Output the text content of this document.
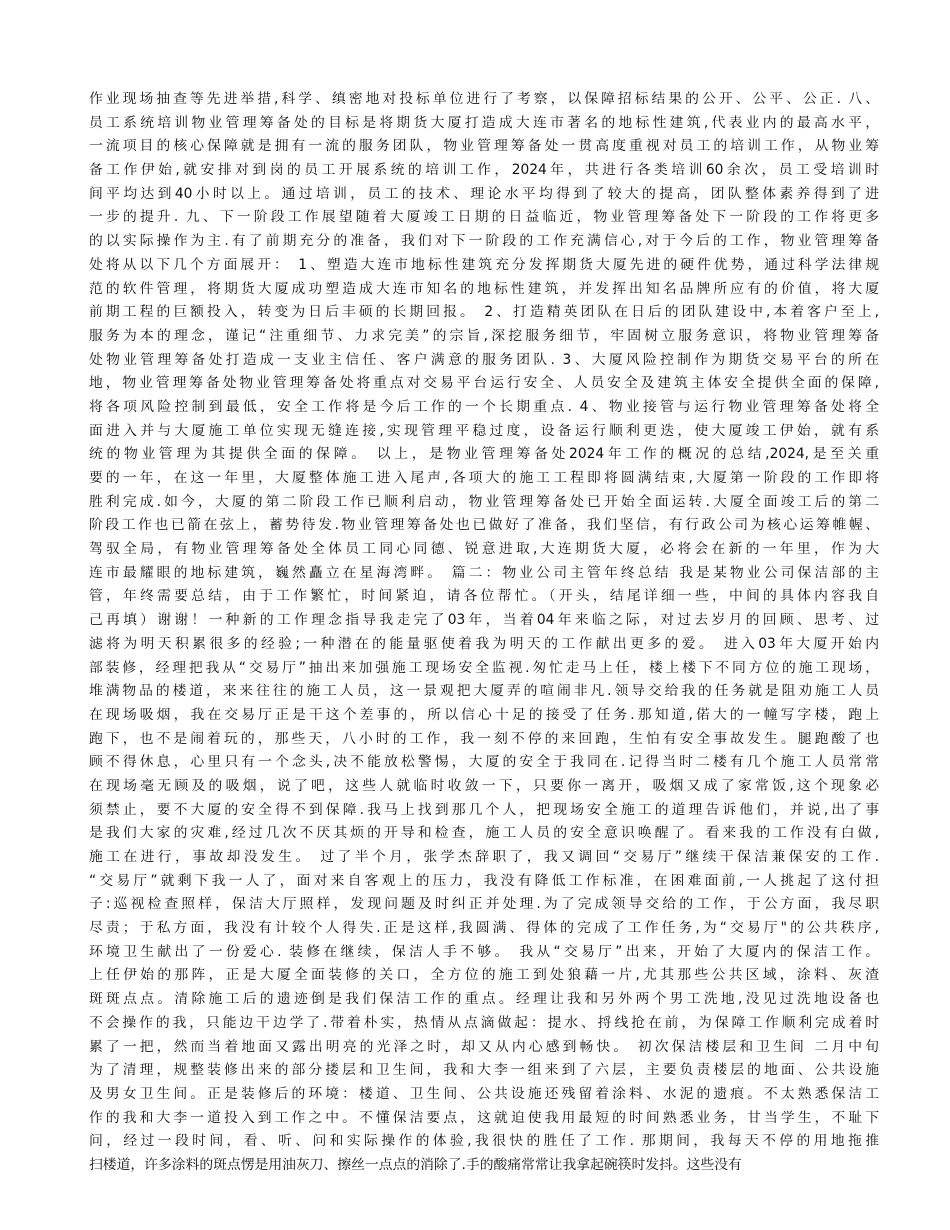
作业现场抽查等先进举措,科学、缜密地对投标单位进行了考察，以保障招标结果的公开、公平、公正. 八、
员工系统培训物业管理筹备处的目标是将期货大厦打造成大连市著名的地标性建筑,代表业内的最高水平，
一流项目的核心保障就是拥有一流的服务团队，物业管理筹备处一贯高度重视对员工的培训工作，从物业筹
备工作伊始,就安排对到岗的员工开展系统的培训工作，2024年，共进行各类培训60余次，员工受培训时
间平均达到40小时以上。通过培训，员工的技术、理论水平均得到了较大的提高，团队整体素养得到了进
一步的提升. 九、下一阶段工作展望随着大厦竣工日期的日益临近，物业管理筹备处下一阶段的工作将更多
的以实际操作为主.有了前期充分的准备，我们对下一阶段的工作充满信心,对于今后的工作，物业管理筹备
处将从以下几个方面展开： 1、塑造大连市地标性建筑充分发挥期货大厦先进的硬件优势，通过科学法律规
范的软件管理，将期货大厦成功塑造成大连市知名的地标性建筑，并发挥出知名品牌所应有的价值，将大厦
前期工程的巨额投入，转变为日后丰硕的长期回报。 2、打造精英团队在日后的团队建设中,本着客户至上,
服务为本的理念，谨记“注重细节、力求完美”的宗旨,深挖服务细节，牢固树立服务意识，将物业管理筹备
处物业管理筹备处打造成一支业主信任、客户满意的服务团队. 3、大厦风险控制作为期货交易平台的所在
地，物业管理筹备处物业管理筹备处将重点对交易平台运行安全、人员安全及建筑主体安全提供全面的保障,
将各项风险控制到最低，安全工作将是今后工作的一个长期重点. 4、物业接管与运行物业管理筹备处将全
面进入并与大厦施工单位实现无缝连接,实现管理平稳过度，设备运行顺利更迭，使大厦竣工伊始，就有系
统的物业管理为其提供全面的保障。 以上，是物业管理筹备处2024年工作的概况的总结,2024,是至关重
要的一年，在这一年里，大厦整体施工进入尾声,各项大的施工工程即将圆满结束,大厦第一阶段的工作即将
胜利完成.如今，大厦的第二阶段工作已顺利启动，物业管理筹备处已开始全面运转.大厦全面竣工后的第二
阶段工作也已箭在弦上，蓄势待发.物业管理筹备处也已做好了准备，我们坚信，有行政公司为核心运筹帷幄、
驾驭全局，有物业管理筹备处全体员工同心同德、锐意进取,大连期货大厦，必将会在新的一年里，作为大
连市最耀眼的地标建筑，巍然矗立在星海湾畔。 篇二：物业公司主管年终总结 我是某物业公司保洁部的主
管，年终需要总结，由于工作繁忙，时间紧迫，请各位帮忙。（开头，结尾详细一些，中间的具体内容我自
己再填）谢谢！一种新的工作理念指导我走完了03年，当着04年来临之际，对过去岁月的回顾、思考、过
滤将为明天积累很多的经验;一种潜在的能量驱使着我为明天的工作献出更多的爱。 进入03年大厦开始内
部装修，经理把我从“交易厅”抽出来加强施工现场安全监视.匆忙走马上任，楼上楼下不同方位的施工现场，
堆满物品的楼道，来来往往的施工人员，这一景观把大厦弄的喧闹非凡.领导交给我的任务就是阻劝施工人员
在现场吸烟，我在交易厅正是干这个差事的，所以信心十足的接受了任务.那知道,偌大的一幢写字楼，跑上
跑下，也不是闹着玩的，那些天，八小时的工作，我一刻不停的来回跑，生怕有安全事故发生。腿跑酸了也
顾不得休息，心里只有一个念头,决不能放松警惕，大厦的安全于我同在.记得当时二楼有几个施工人员常常
在现场毫无顾及的吸烟，说了吧，这些人就临时收敛一下，只要你一离开，吸烟又成了家常饭,这个现象必
须禁止，要不大厦的安全得不到保障.我马上找到那几个人，把现场安全施工的道理告诉他们，并说,出了事
是我们大家的灾难,经过几次不厌其烦的开导和检查，施工人员的安全意识唤醒了。看来我的工作没有白做,
施工在进行，事故却没发生。 过了半个月，张学杰辞职了，我又调回“交易厅”继续干保洁兼保安的工作.
“交易厅”就剩下我一人了，面对来自客观上的压力，我没有降低工作标准，在困难面前,一人挑起了这付担
子:巡视检查照样，保洁大厅照样，发现问题及时纠正并处理.为了完成领导交给的工作，于公方面，我尽职
尽责；于私方面，我没有计较个人得失.正是这样,我圆满、得体的完成了工作任务,为“交易厅"的公共秩序,
环境卫生献出了一份爱心. 装修在继续，保洁人手不够。 我从“交易厅”出来，开始了大厦内的保洁工作。
上任伊始的那阵，正是大厦全面装修的关口，全方位的施工到处狼藉一片,尤其那些公共区域，涂料、灰渣
斑斑点点。清除施工后的遗迹倒是我们保洁工作的重点。经理让我和另外两个男工洗地,没见过洗地设备也
不会操作的我，只能边干边学了.带着朴实，热情从点滴做起：提水、捋线抢在前，为保障工作顺利完成着时
累了一把，然而当着地面又露出明亮的光泽之时，却又从内心感到畅快。 初次保洁楼层和卫生间 二月中旬
为了清理，规整装修出来的部分搂层和卫生间，我和大李一组来到了六层，主要负责楼层的地面、公共设施
及男女卫生间。正是装修后的环境：楼道、卫生间、公共设施还残留着涂料、水泥的遗痕。不太熟悉保洁工
作的我和大李一道投入到工作之中。不懂保洁要点，这就迫使我用最短的时间熟悉业务，甘当学生，不耻下
问，经过一段时间，看、听、问和实际操作的体验,我很快的胜任了工作. 那期间，我每天不停的用地拖推
扫楼道，许多涂料的斑点愣是用油灰刀、擦丝一点点的消除了.手的酸痛常常让我拿起碗筷时发抖。这些没有
